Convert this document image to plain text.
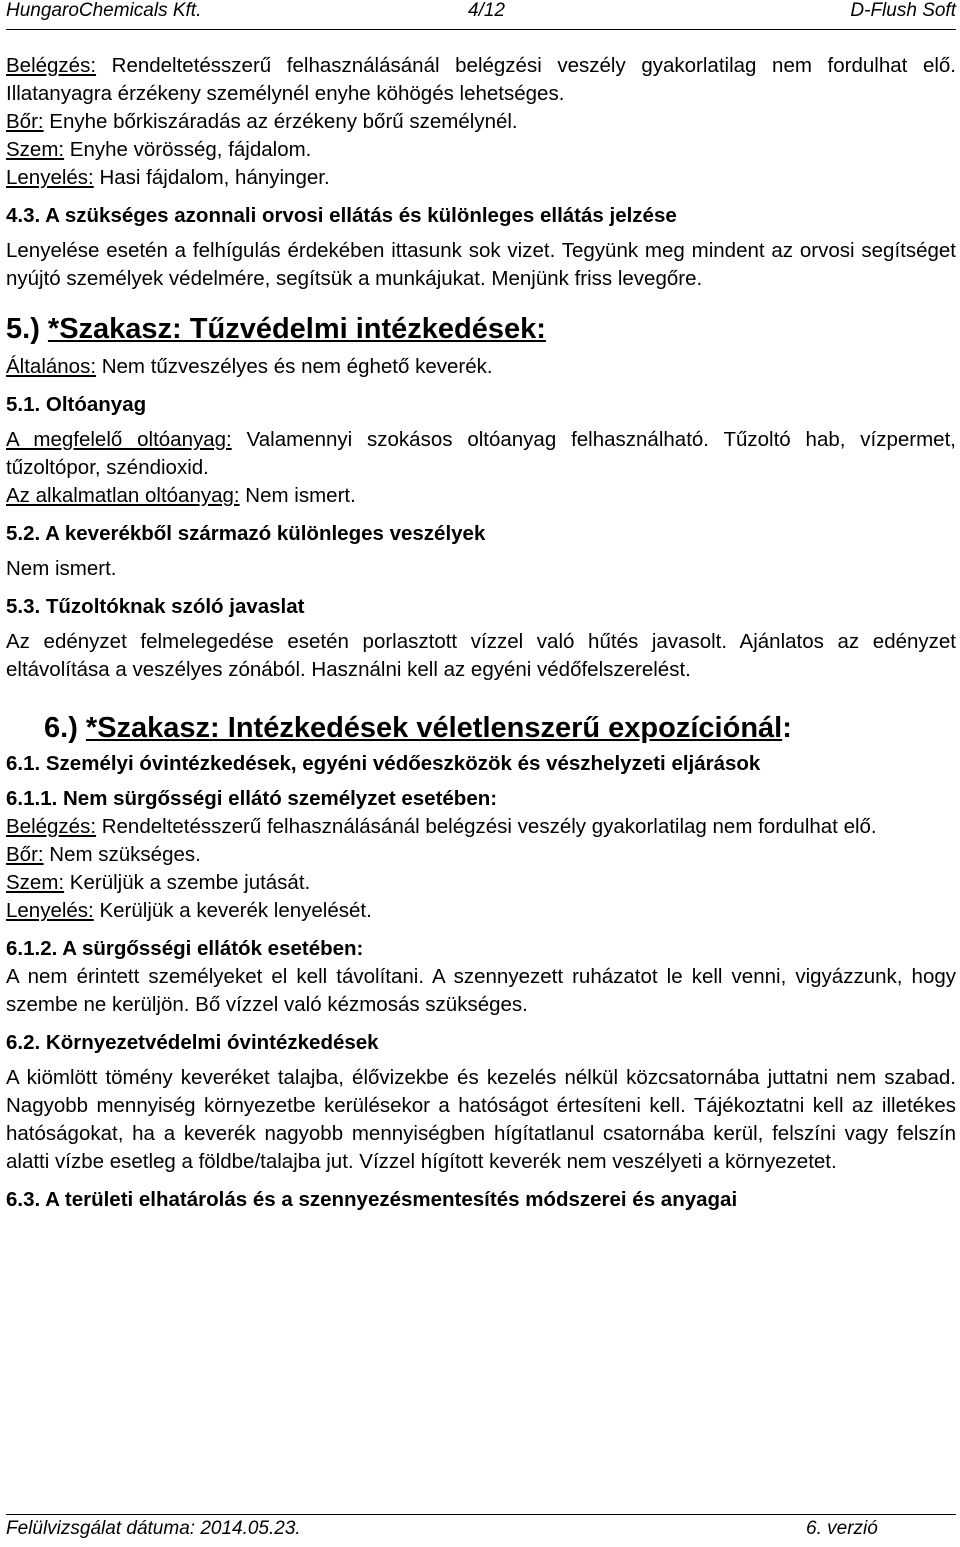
HungaroChemicals Kft.	4/12	D-Flush Soft

Belégzés: Rendeltetésszerű felhasználásánál belégzési veszély gyakorlatilag nem fordulhat elő. Illatanyagra érzékeny személynél enyhe köhögés lehetséges.

Bőr: Enyhe bőrkiszáradás az érzékeny bőrű személynél.

Szem: Enyhe vörösség, fájdalom.

Lenyelés: Hasi fájdalom, hányinger.

4.3. A szükséges azonnali orvosi ellátás és különleges ellátás jelzése

Lenyelése esetén a felhígulás érdekében ittasunk sok vizet. Tegyünk meg mindent az orvosi segítséget nyújtó személyek védelmére, segítsük a munkájukat. Menjünk friss levegőre.

5.) *Szakasz: Tűzvédelmi intézkedések:

Általános: Nem tűzveszélyes és nem éghető keverék.

5.1. Oltóanyag

A megfelelő oltóanyag: Valamennyi szokásos oltóanyag felhasználható. Tűzoltó hab, vízpermet, tűzoltópor, széndioxid.

Az alkalmatlan oltóanyag: Nem ismert.

5.2. A keverékből származó különleges veszélyek

Nem ismert.

5.3. Tűzoltóknak szóló javaslat

Az edényzet felmelegedése esetén porlasztott vízzel való hűtés javasolt. Ajánlatos az edényzet eltávolítása a veszélyes zónából. Használni kell az egyéni védőfelszerelést.

6.) *Szakasz: Intézkedések véletlenszerű expozíciónál:

6.1. Személyi óvintézkedések, egyéni védőeszközök és vészhelyzeti eljárások

6.1.1. Nem sürgősségi ellátó személyzet esetében:

Belégzés: Rendeltetésszerű felhasználásánál belégzési veszély gyakorlatilag nem fordulhat elő.

Bőr: Nem szükséges.

Szem: Kerüljük a szembe jutását.

Lenyelés: Kerüljük a keverék lenyelését.

6.1.2. A sürgősségi ellátók esetében:

A nem érintett személyeket el kell távolítani. A szennyezett ruházatot le kell venni, vigyázzunk, hogy szembe ne kerüljön. Bő vízzel való kézmosás szükséges.

6.2. Környezetvédelmi óvintézkedések

A kiömlött tömény keveréket talajba, élővizekbe és kezelés nélkül közcsatornába juttatni nem szabad. Nagyobb mennyiség környezetbe kerülésekor a hatóságot értesíteni kell. Tájékoztatni kell az illetékes hatóságokat, ha a keverék nagyobb mennyiségben hígítatlanul csatornába kerül, felszíni vagy felszín alatti vízbe esetleg a földbe/talajba jut. Vízzel hígított keverék nem veszélyeti a környezetet.

6.3. A területi elhatárolás és a szennyezésmentesítés módszerei és anyagai

Felülvizsgálat dátuma: 2014.05.23.	6. verzió
